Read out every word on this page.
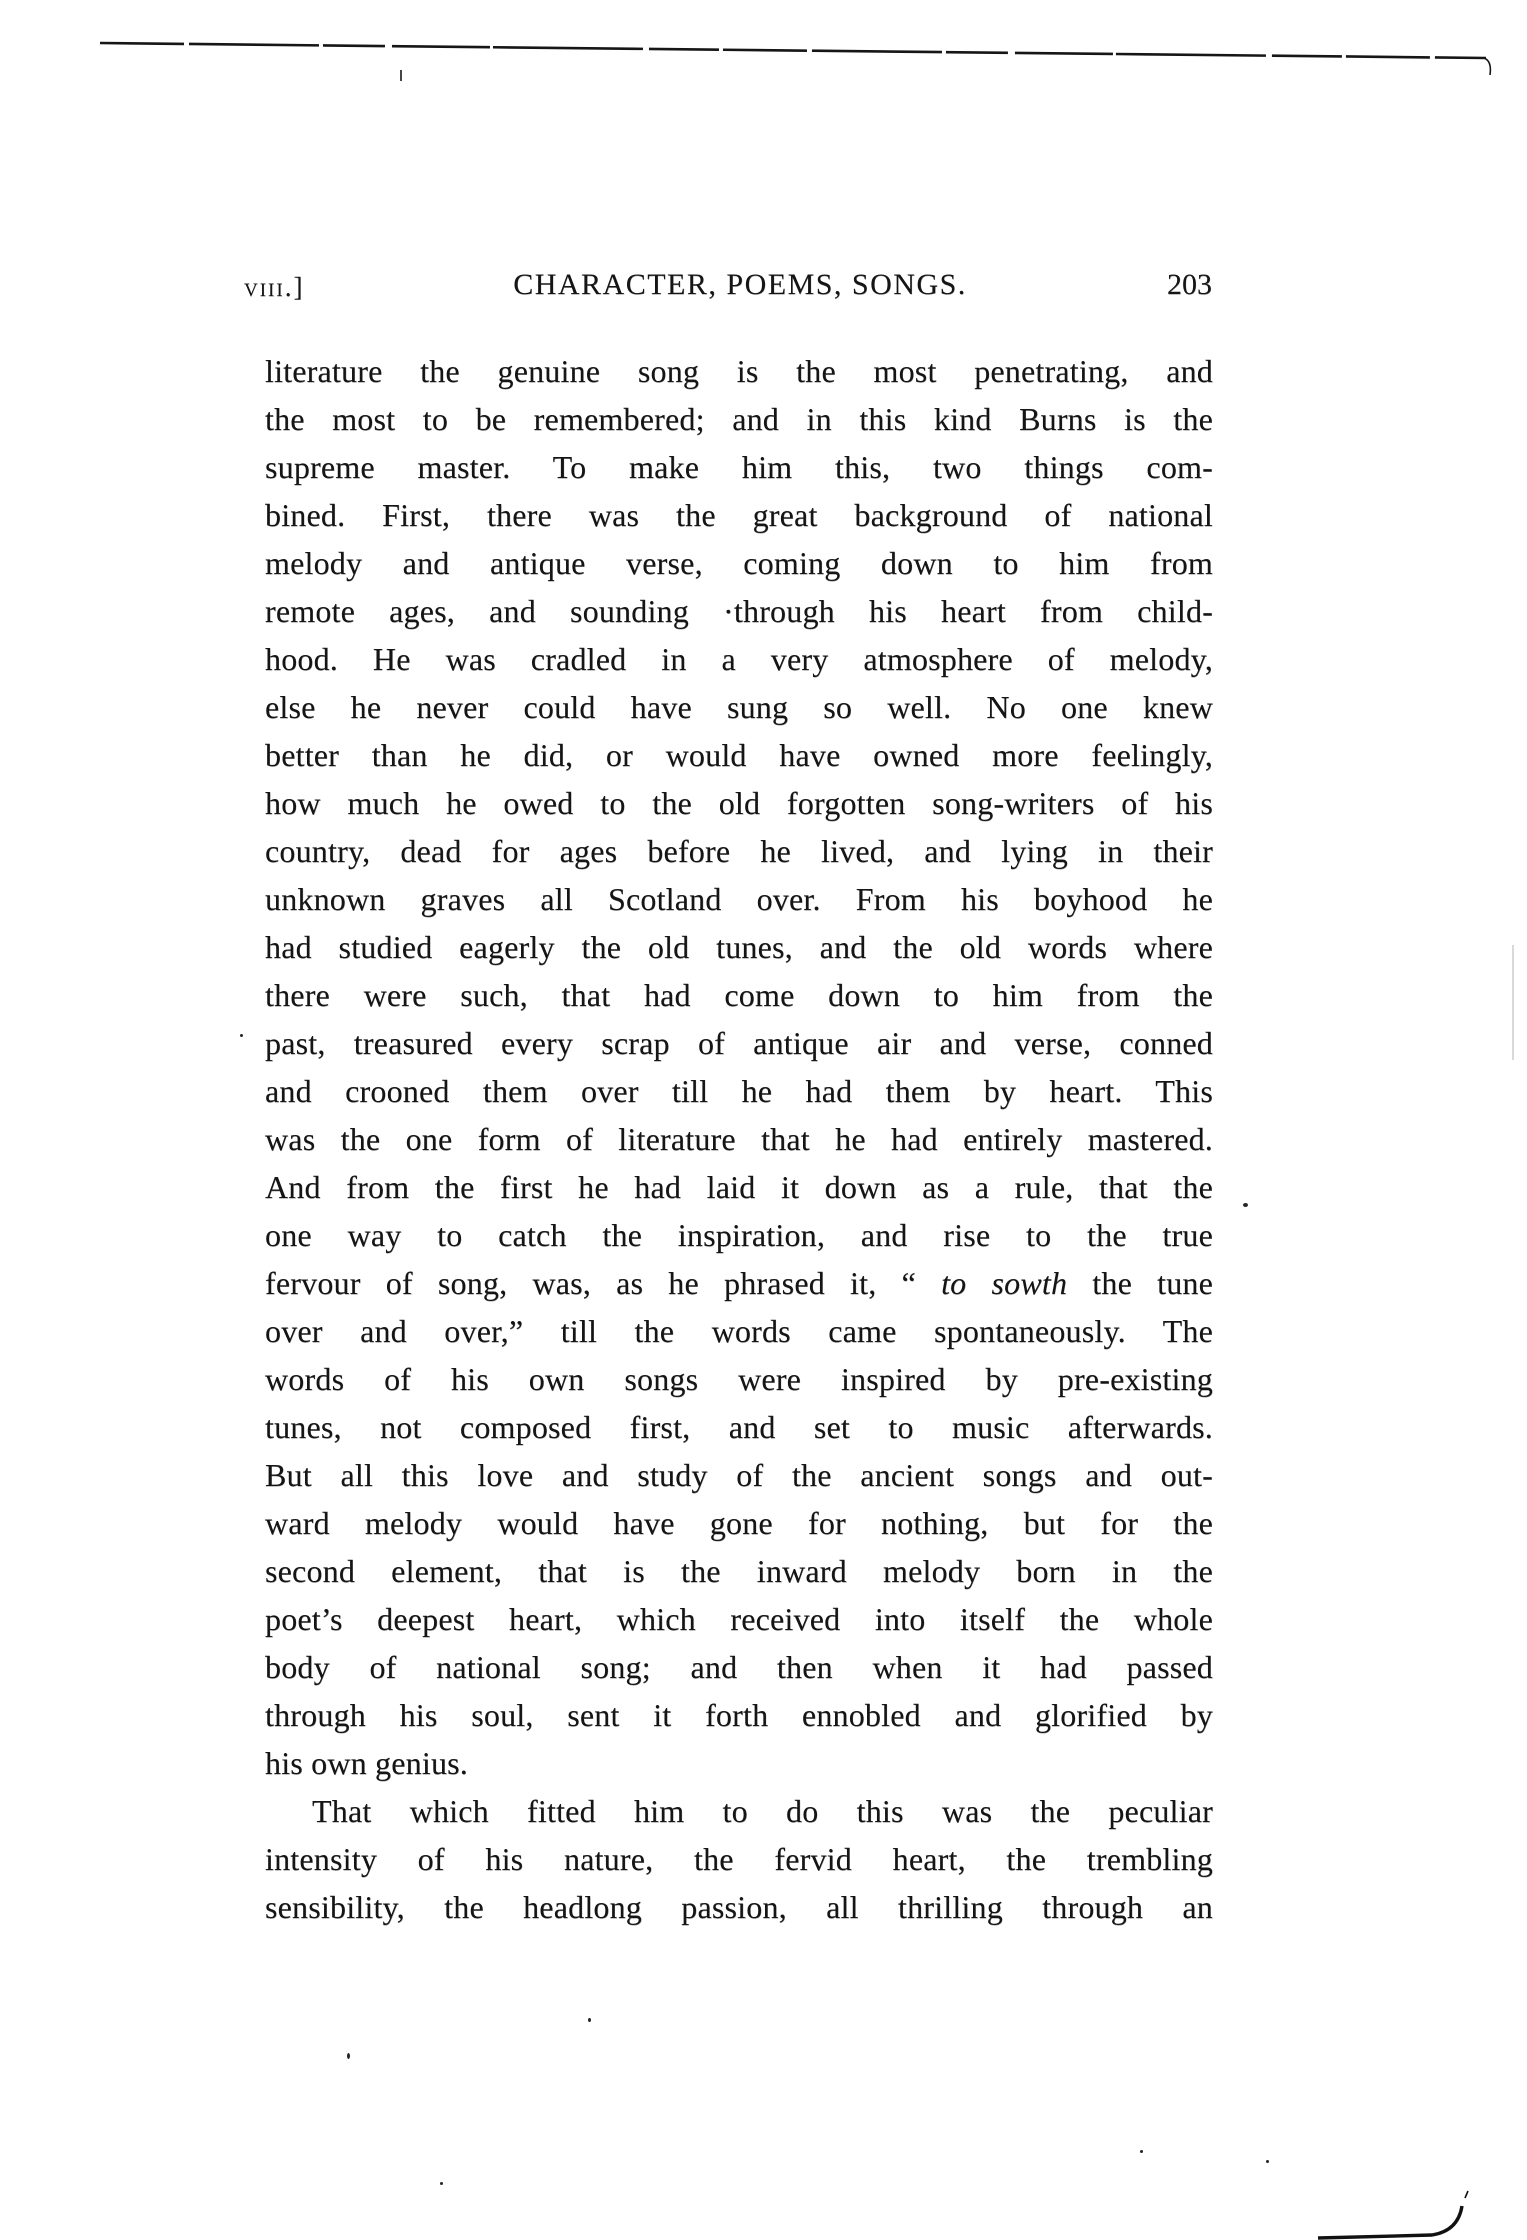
viii.]	CHARACTER, POEMS, SONGS.	203
literature the genuine song is the most penetrating, and
the most to be remembered; and in this kind Burns is the
supreme master. To make him this, two things com-
bined. First, there was the great background of national
melody and antique verse, coming down to him from
remote ages, and sounding ·through his heart from child-
hood. He was cradled in a very atmosphere of melody,
else he never could have sung so well. No one knew
better than he did, or would have owned more feelingly,
how much he owed to the old forgotten song-writers of his
country, dead for ages before he lived, and lying in their
unknown graves all Scotland over. From his boyhood he
had studied eagerly the old tunes, and the old words where
there were such, that had come down to him from the
past, treasured every scrap of antique air and verse, conned
and crooned them over till he had them by heart. This
was the one form of literature that he had entirely mastered.
And from the first he had laid it down as a rule, that the
one way to catch the inspiration, and rise to the true
fervour of song, was, as he phrased it, “ to sowth the tune
over and over,” till the words came spontaneously. The
words of his own songs were inspired by pre-existing
tunes, not composed first, and set to music afterwards.
But all this love and study of the ancient songs and out-
ward melody would have gone for nothing, but for the
second element, that is the inward melody born in the
poet’s deepest heart, which received into itself the whole
body of national song; and then when it had passed
through his soul, sent it forth ennobled and glorified by
his own genius.
That which fitted him to do this was the peculiar
intensity of his nature, the fervid heart, the trembling
sensibility, the headlong passion, all thrilling through an
